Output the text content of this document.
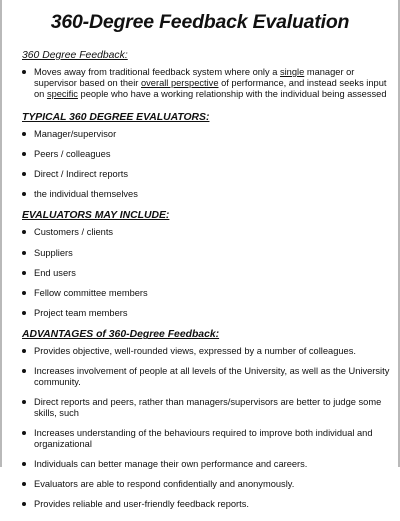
360-Degree Feedback Evaluation
360 Degree Feedback:
Moves away from traditional feedback system where only a single manager or supervisor based on their overall perspective of performance, and instead seeks input on specific people who have a working relationship with the individual being assessed
TYPICAL 360 DEGREE EVALUATORS:
Manager/supervisor
Peers / colleagues
Direct / Indirect reports
the individual themselves
EVALUATORS MAY INCLUDE:
Customers / clients
Suppliers
End users
Fellow committee members
Project team members
ADVANTAGES of 360-Degree Feedback:
Provides objective, well-rounded views, expressed by a number of colleagues.
Increases involvement of people at all levels of the University, as well as the University community.
Direct reports and peers, rather than managers/supervisors are better to judge some skills, such
Increases understanding of the behaviours required to improve both individual and organizational
Individuals can better manage their own performance and careers.
Evaluators are able to respond confidentially and anonymously.
Provides reliable and user-friendly feedback reports.
